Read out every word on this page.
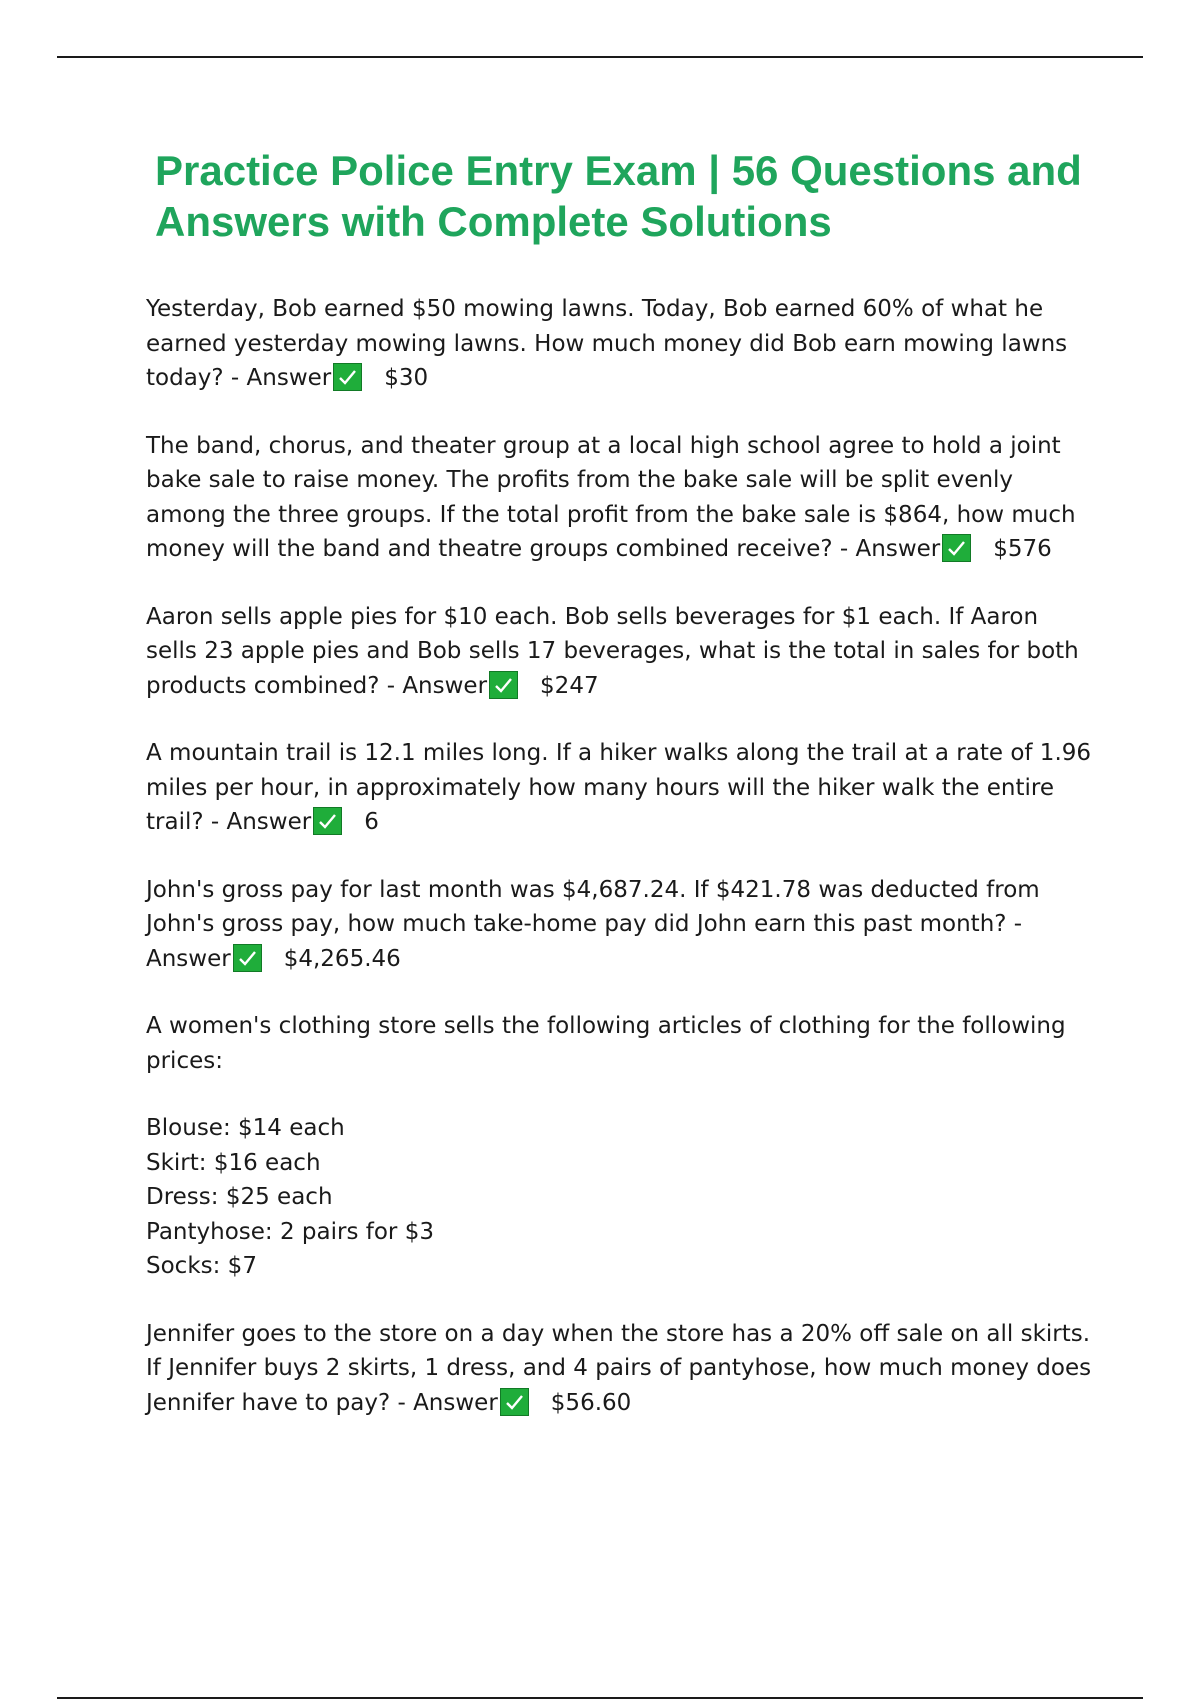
Practice Police Entry Exam | 56 Questions and Answers with Complete Solutions

Yesterday, Bob earned $50 mowing lawns. Today, Bob earned 60% of what he earned yesterday mowing lawns. How much money did Bob earn mowing lawns today? - Answer $30

The band, chorus, and theater group at a local high school agree to hold a joint bake sale to raise money. The profits from the bake sale will be split evenly among the three groups. If the total profit from the bake sale is $864, how much money will the band and theatre groups combined receive? - Answer $576

Aaron sells apple pies for $10 each. Bob sells beverages for $1 each. If Aaron sells 23 apple pies and Bob sells 17 beverages, what is the total in sales for both products combined? - Answer $247

A mountain trail is 12.1 miles long. If a hiker walks along the trail at a rate of 1.96 miles per hour, in approximately how many hours will the hiker walk the entire trail? - Answer 6

John's gross pay for last month was $4,687.24. If $421.78 was deducted from John's gross pay, how much take-home pay did John earn this past month? - Answer $4,265.46

A women's clothing store sells the following articles of clothing for the following prices:

Blouse: $14 each

Skirt: $16 each

Dress: $25 each

Pantyhose: 2 pairs for $3

Socks: $7

Jennifer goes to the store on a day when the store has a 20% off sale on all skirts. If Jennifer buys 2 skirts, 1 dress, and 4 pairs of pantyhose, how much money does Jennifer have to pay? - Answer $56.60
